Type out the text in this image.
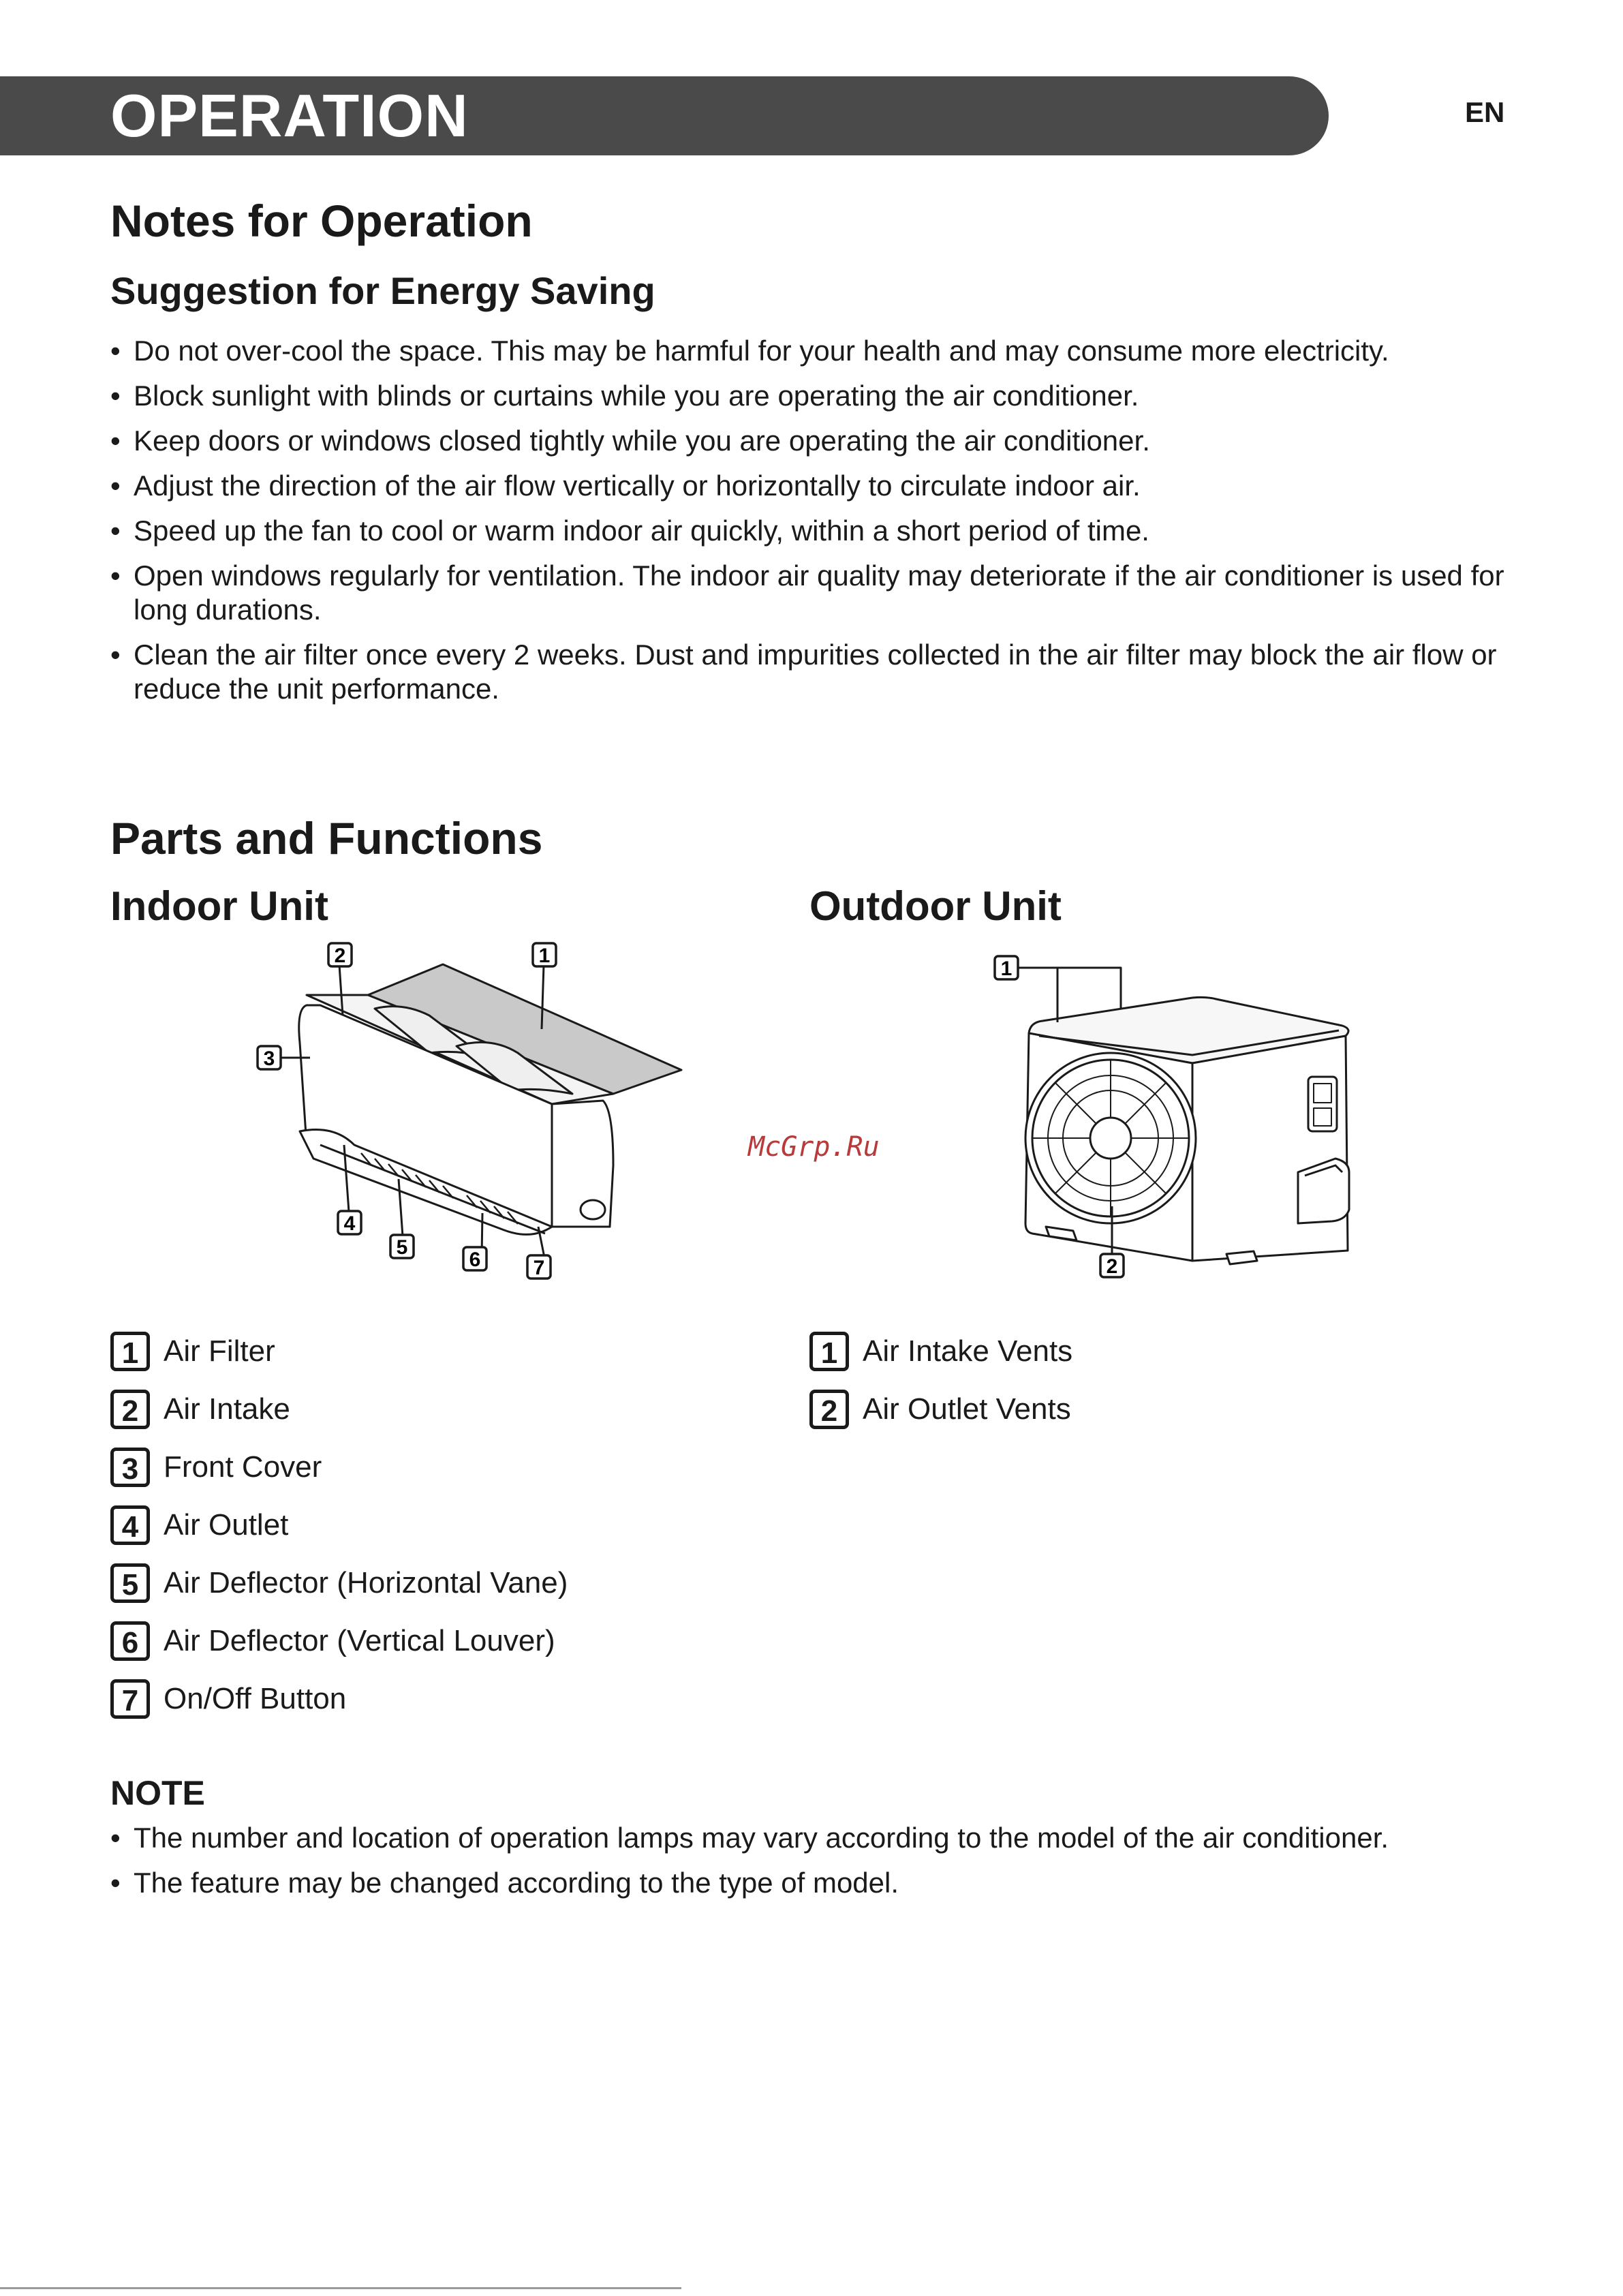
OPERATION	EN
Notes for Operation
Suggestion for Energy Saving
• Do not over-cool the space. This may be harmful for your health and may consume more electricity.
• Block sunlight with blinds or curtains while you are operating the air conditioner.
• Keep doors or windows closed tightly while you are operating the air conditioner.
• Adjust the direction of the air flow vertically or horizontally to circulate indoor air.
• Speed up the fan to cool or warm indoor air quickly, within a short period of time.
• Open windows regularly for ventilation. The indoor air quality may deteriorate if the air conditioner is used for long durations.
• Clean the air filter once every 2 weeks. Dust and impurities collected in the air filter may block the air flow or reduce the unit performance.
Parts and Functions
Indoor Unit	Outdoor Unit
2	1
3
4
5
6	7
1
2
McGrp.Ru
1 Air Filter
2 Air Intake
3 Front Cover
4 Air Outlet
5 Air Deflector (Horizontal Vane)
6 Air Deflector (Vertical Louver)
7 On/Off Button
1 Air Intake Vents
2 Air Outlet Vents
NOTE
• The number and location of operation lamps may vary according to the model of the air conditioner.
• The feature may be changed according to the type of model.
